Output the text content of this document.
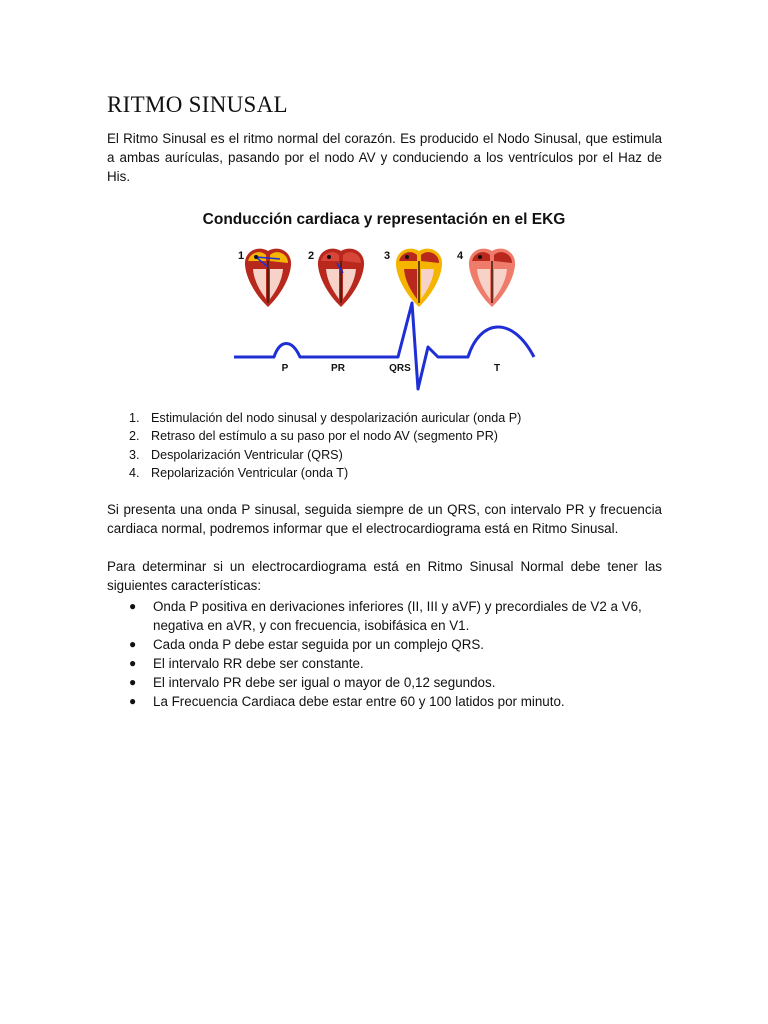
RITMO SINUSAL

El Ritmo Sinusal es el ritmo normal del corazón. Es producido el Nodo Sinusal, que estimula a ambas aurículas, pasando por el nodo AV y conduciendo a los ventrículos por el Haz de His.

Conducción cardiaca y representación en el EKG

1	2	3	4
P	PR	QRS	T
1. Estimulación del nodo sinusal y despolarización auricular (onda P)
2. Retraso del estímulo a su paso por el nodo AV (segmento PR)
3. Despolarización Ventricular (QRS)
4. Repolarización Ventricular (onda T)

Si presenta una onda P sinusal, seguida siempre de un QRS, con intervalo PR y frecuencia cardiaca normal, podremos informar que el electrocardiograma está en Ritmo Sinusal.

Para determinar si un electrocardiograma está en Ritmo Sinusal Normal debe tener las siguientes características:

●	Onda P positiva en derivaciones inferiores (II, III y aVF) y precordiales de V2 a V6, negativa en aVR, y con frecuencia, isobifásica en V1.
●	Cada onda P debe estar seguida por un complejo QRS.
●	El intervalo RR debe ser constante.
●	El intervalo PR debe ser igual o mayor de 0,12 segundos.
●	La Frecuencia Cardiaca debe estar entre 60 y 100 latidos por minuto.
